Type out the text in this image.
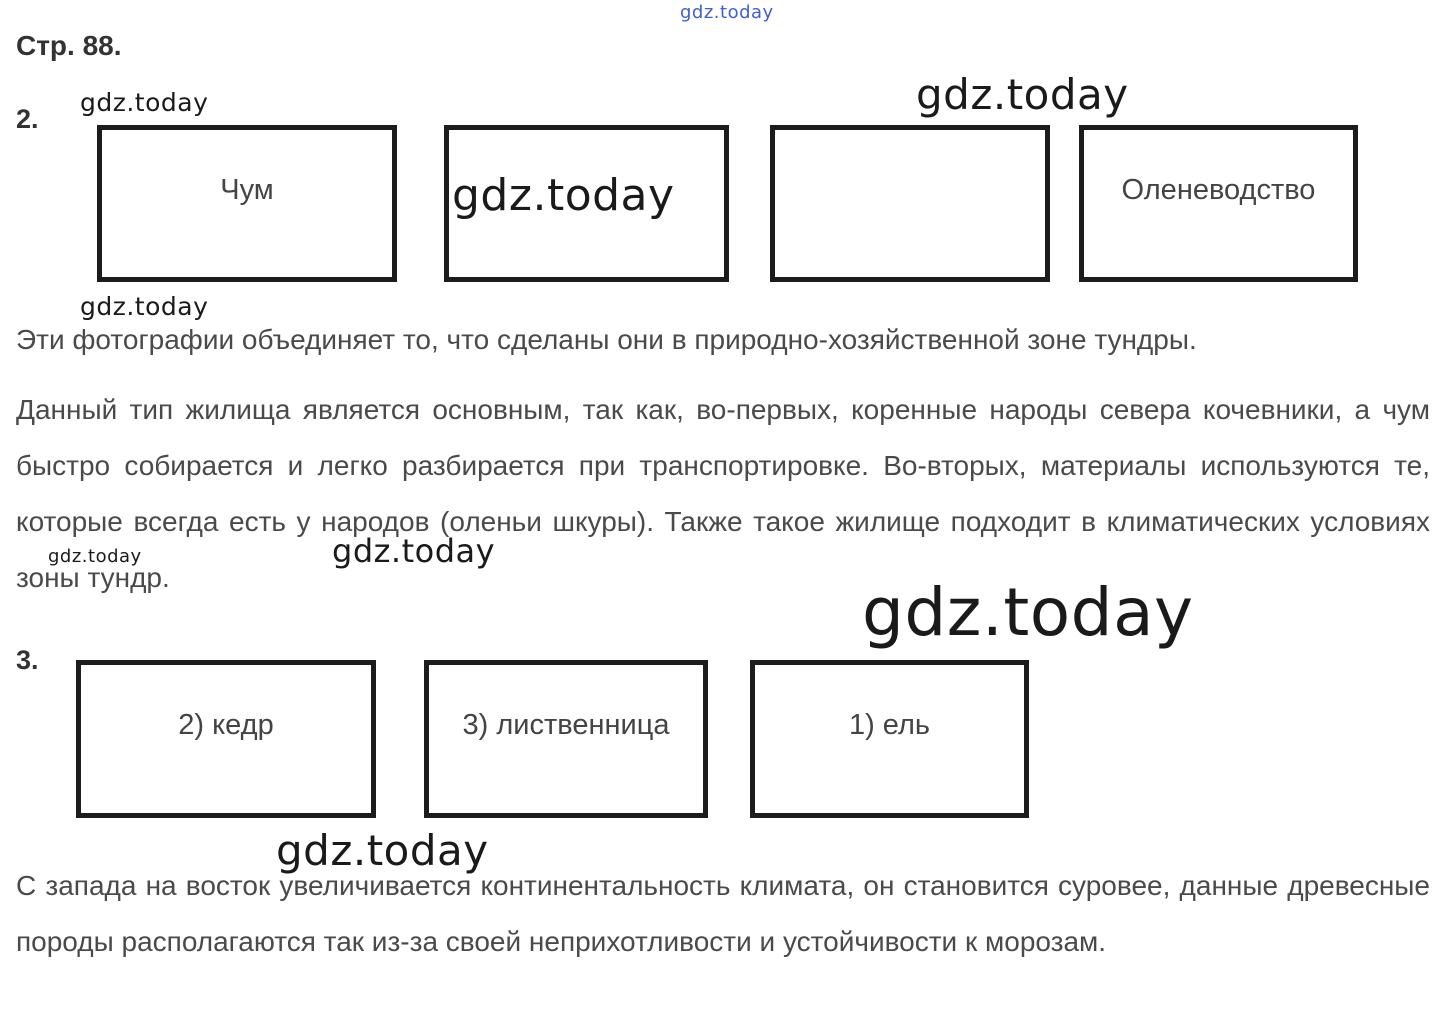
gdz.today
Стр. 88.
2.
Чум	Оленеводство

Эти фотографии объединяет то, что сделаны они в природно-хозяйственной зоне тундры.

Данный тип жилища является основным, так как, во-первых, коренные народы севера кочевники, а чум быстро собирается и легко разбирается при транспортировке. Во-вторых, материалы используются те, которые всегда есть у народов (оленьи шкуры). Также такое жилище подходит в климатических условиях зоны тундр.

3.
2) кедр	3) лиственница	1) ель

С запада на восток увеличивается континентальность климата, он становится суровее, данные древесные породы располагаются так из-за своей неприхотливости и устойчивости к морозам.

gdz.today	gdz.today
gdz.today
gdz.today
gdz.today	gdz.today
gdz.today
gdz.today
